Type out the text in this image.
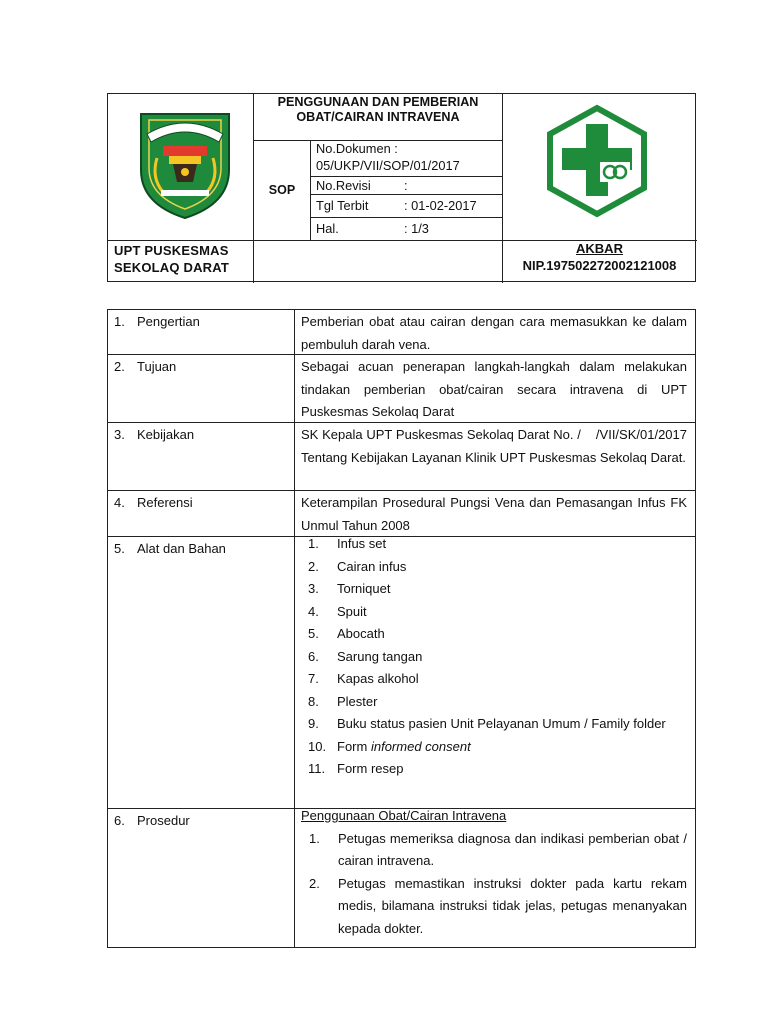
PENGGUNAAN DAN PEMBERIAN OBAT/CAIRAN INTRAVENA
SOP
No.Dokumen :
05/UKP/VII/SOP/01/2017
No.Revisi	:
Tgl Terbit	: 01-02-2017
Hal.	: 1/3
UPT PUSKESMAS
SEKOLAQ DARAT
AKBAR
NIP.197502272002121008
1. Pengertian	Pemberian obat atau cairan dengan cara memasukkan ke dalam pembuluh darah vena.
2. Tujuan	Sebagai acuan penerapan langkah-langkah dalam melakukan tindakan pemberian obat/cairan secara intravena di UPT Puskesmas Sekolaq Darat
3. Kebijakan	SK Kepala UPT Puskesmas Sekolaq Darat No. /    /VII/SK/01/2017 Tentang Kebijakan Layanan Klinik UPT Puskesmas Sekolaq Darat.
4. Referensi	Keterampilan Prosedural Pungsi Vena dan Pemasangan Infus FK Unmul Tahun 2008
5. Alat dan Bahan	1. Infus set
2. Cairan infus
3. Torniquet
4. Spuit
5. Abocath
6. Sarung tangan
7. Kapas alkohol
8. Plester
9. Buku status pasien Unit Pelayanan Umum / Family folder
10. Form informed consent
11. Form resep
6. Prosedur	Penggunaan Obat/Cairan Intravena
1. Petugas memeriksa diagnosa dan indikasi pemberian obat / cairan intravena.
2. Petugas memastikan instruksi dokter pada kartu rekam medis, bilamana instruksi tidak jelas, petugas menanyakan kepada dokter.
